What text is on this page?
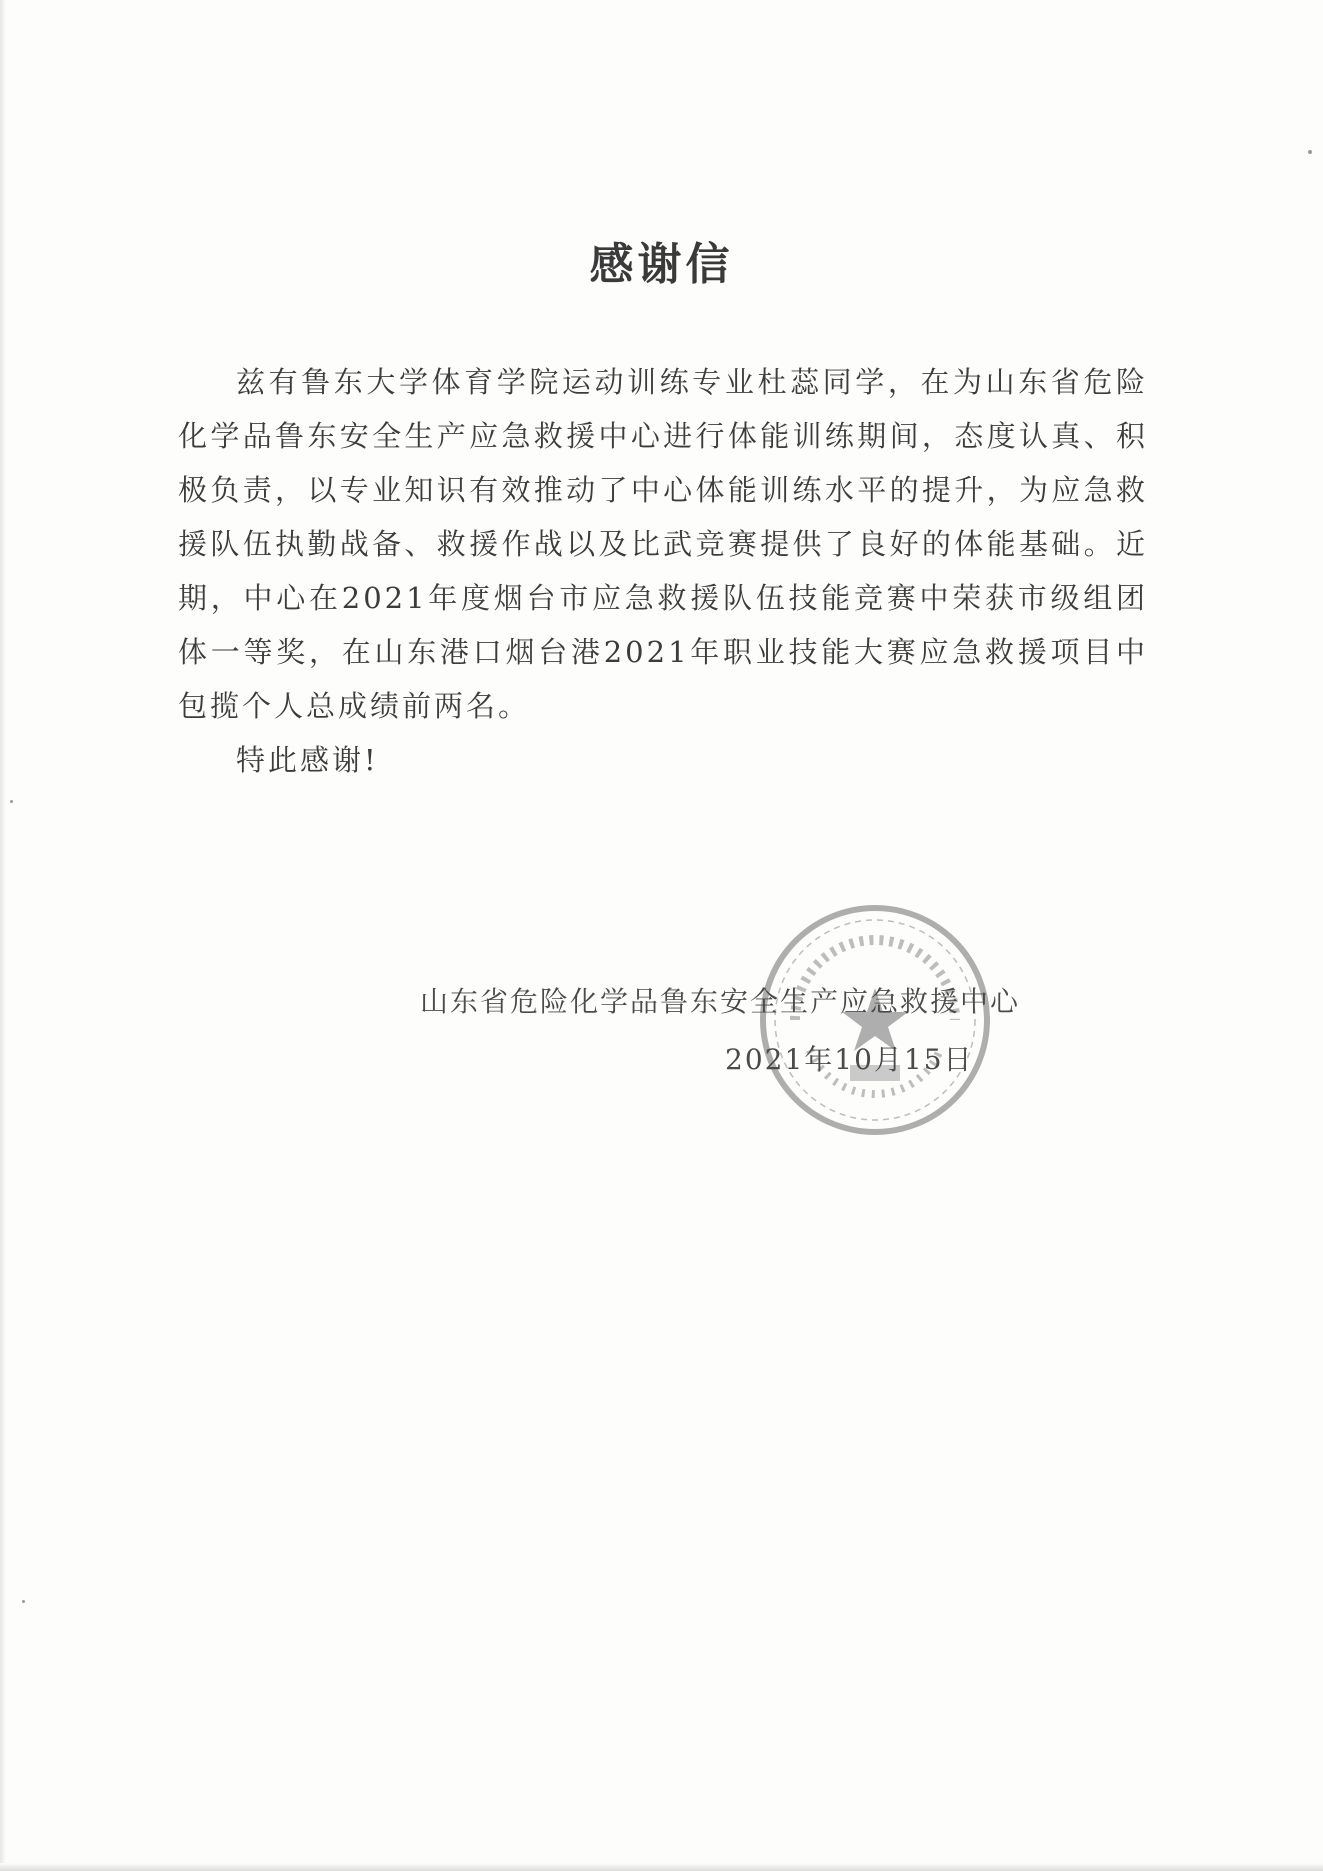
感谢信

兹有鲁东大学体育学院运动训练专业杜蕊同学，在为山东省危险化学品鲁东安全生产应急救援中心进行体能训练期间，态度认真、积极负责，以专业知识有效推动了中心体能训练水平的提升，为应急救援队伍执勤战备、救援作战以及比武竞赛提供了良好的体能基础。近期，中心在2021年度烟台市应急救援队伍技能竞赛中荣获市级组团体一等奖，在山东港口烟台港2021年职业技能大赛应急救援项目中包揽个人总成绩前两名。

特此感谢!

山东省危险化学品鲁东安全生产应急救援中心
2021年10月15日
